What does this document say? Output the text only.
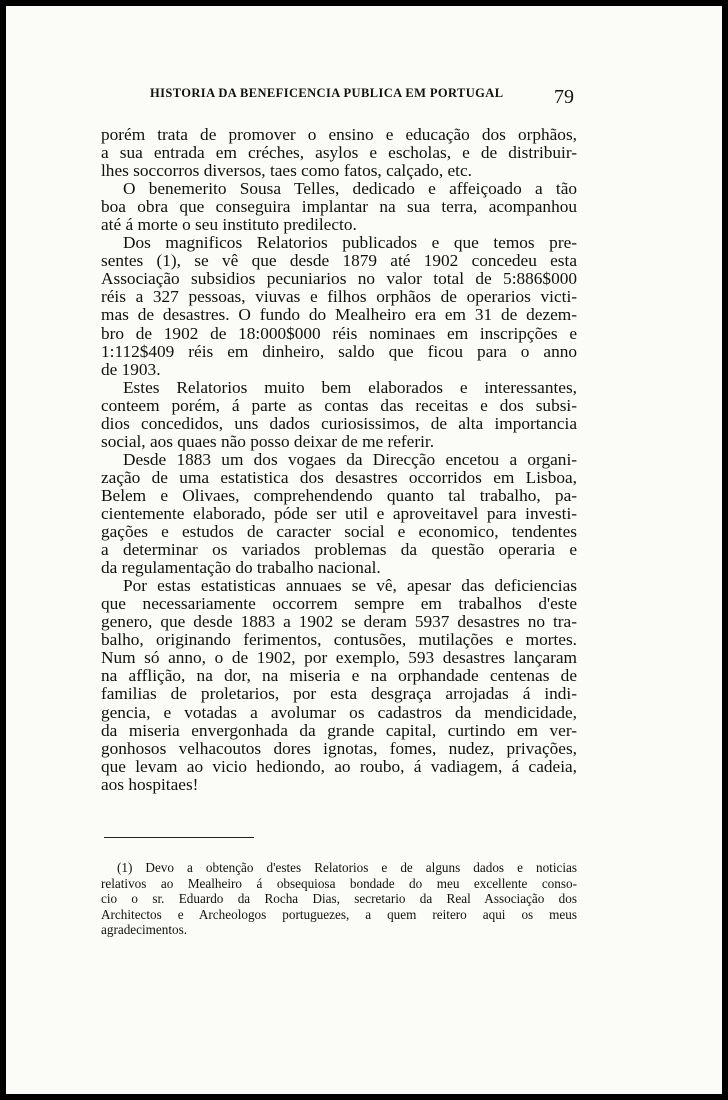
HISTORIA DA BENEFICENCIA PUBLICA EM PORTUGAL	79
porém trata de promover o ensino e educação dos orphãos,
a sua entrada em créches, asylos e escholas, e de distribuir-
lhes soccorros diversos, taes como fatos, calçado, etc.
O benemerito Sousa Telles, dedicado e affeiçoado a tão
boa obra que conseguira implantar na sua terra, acompanhou
até á morte o seu instituto predilecto.
Dos magnificos Relatorios publicados e que temos pre-
sentes (1), se vê que desde 1879 até 1902 concedeu esta
Associação subsidios pecuniarios no valor total de 5:886$000
réis a 327 pessoas, viuvas e filhos orphãos de operarios victi-
mas de desastres. O fundo do Mealheiro era em 31 de dezem-
bro de 1902 de 18:000$000 réis nominaes em inscripções e
1:112$409 réis em dinheiro, saldo que ficou para o anno
de 1903.
Estes Relatorios muito bem elaborados e interessantes,
conteem porém, á parte as contas das receitas e dos subsi-
dios concedidos, uns dados curiosissimos, de alta importancia
social, aos quaes não posso deixar de me referir.
Desde 1883 um dos vogaes da Direcção encetou a organi-
zação de uma estatistica dos desastres occorridos em Lisboa,
Belem e Olivaes, comprehendendo quanto tal trabalho, pa-
cientemente elaborado, póde ser util e aproveitavel para investi-
gações e estudos de caracter social e economico, tendentes
a determinar os variados problemas da questão operaria e
da regulamentação do trabalho nacional.
Por estas estatisticas annuaes se vê, apesar das deficiencias
que necessariamente occorrem sempre em trabalhos d'este
genero, que desde 1883 a 1902 se deram 5937 desastres no tra-
balho, originando ferimentos, contusões, mutilações e mortes.
Num só anno, o de 1902, por exemplo, 593 desastres lançaram
na afflição, na dor, na miseria e na orphandade centenas de
familias de proletarios, por esta desgraça arrojadas á indi-
gencia, e votadas a avolumar os cadastros da mendicidade,
da miseria envergonhada da grande capital, curtindo em ver-
gonhosos velhacoutos dores ignotas, fomes, nudez, privações,
que levam ao vicio hediondo, ao roubo, á vadiagem, á cadeia,
aos hospitaes!
(1) Devo a obtenção d'estes Relatorios e de alguns dados e noticias
relativos ao Mealheiro á obsequiosa bondade do meu excellente conso-
cio o sr. Eduardo da Rocha Dias, secretario da Real Associação dos
Architectos e Archeologos portuguezes, a quem reitero aqui os meus
agradecimentos.
